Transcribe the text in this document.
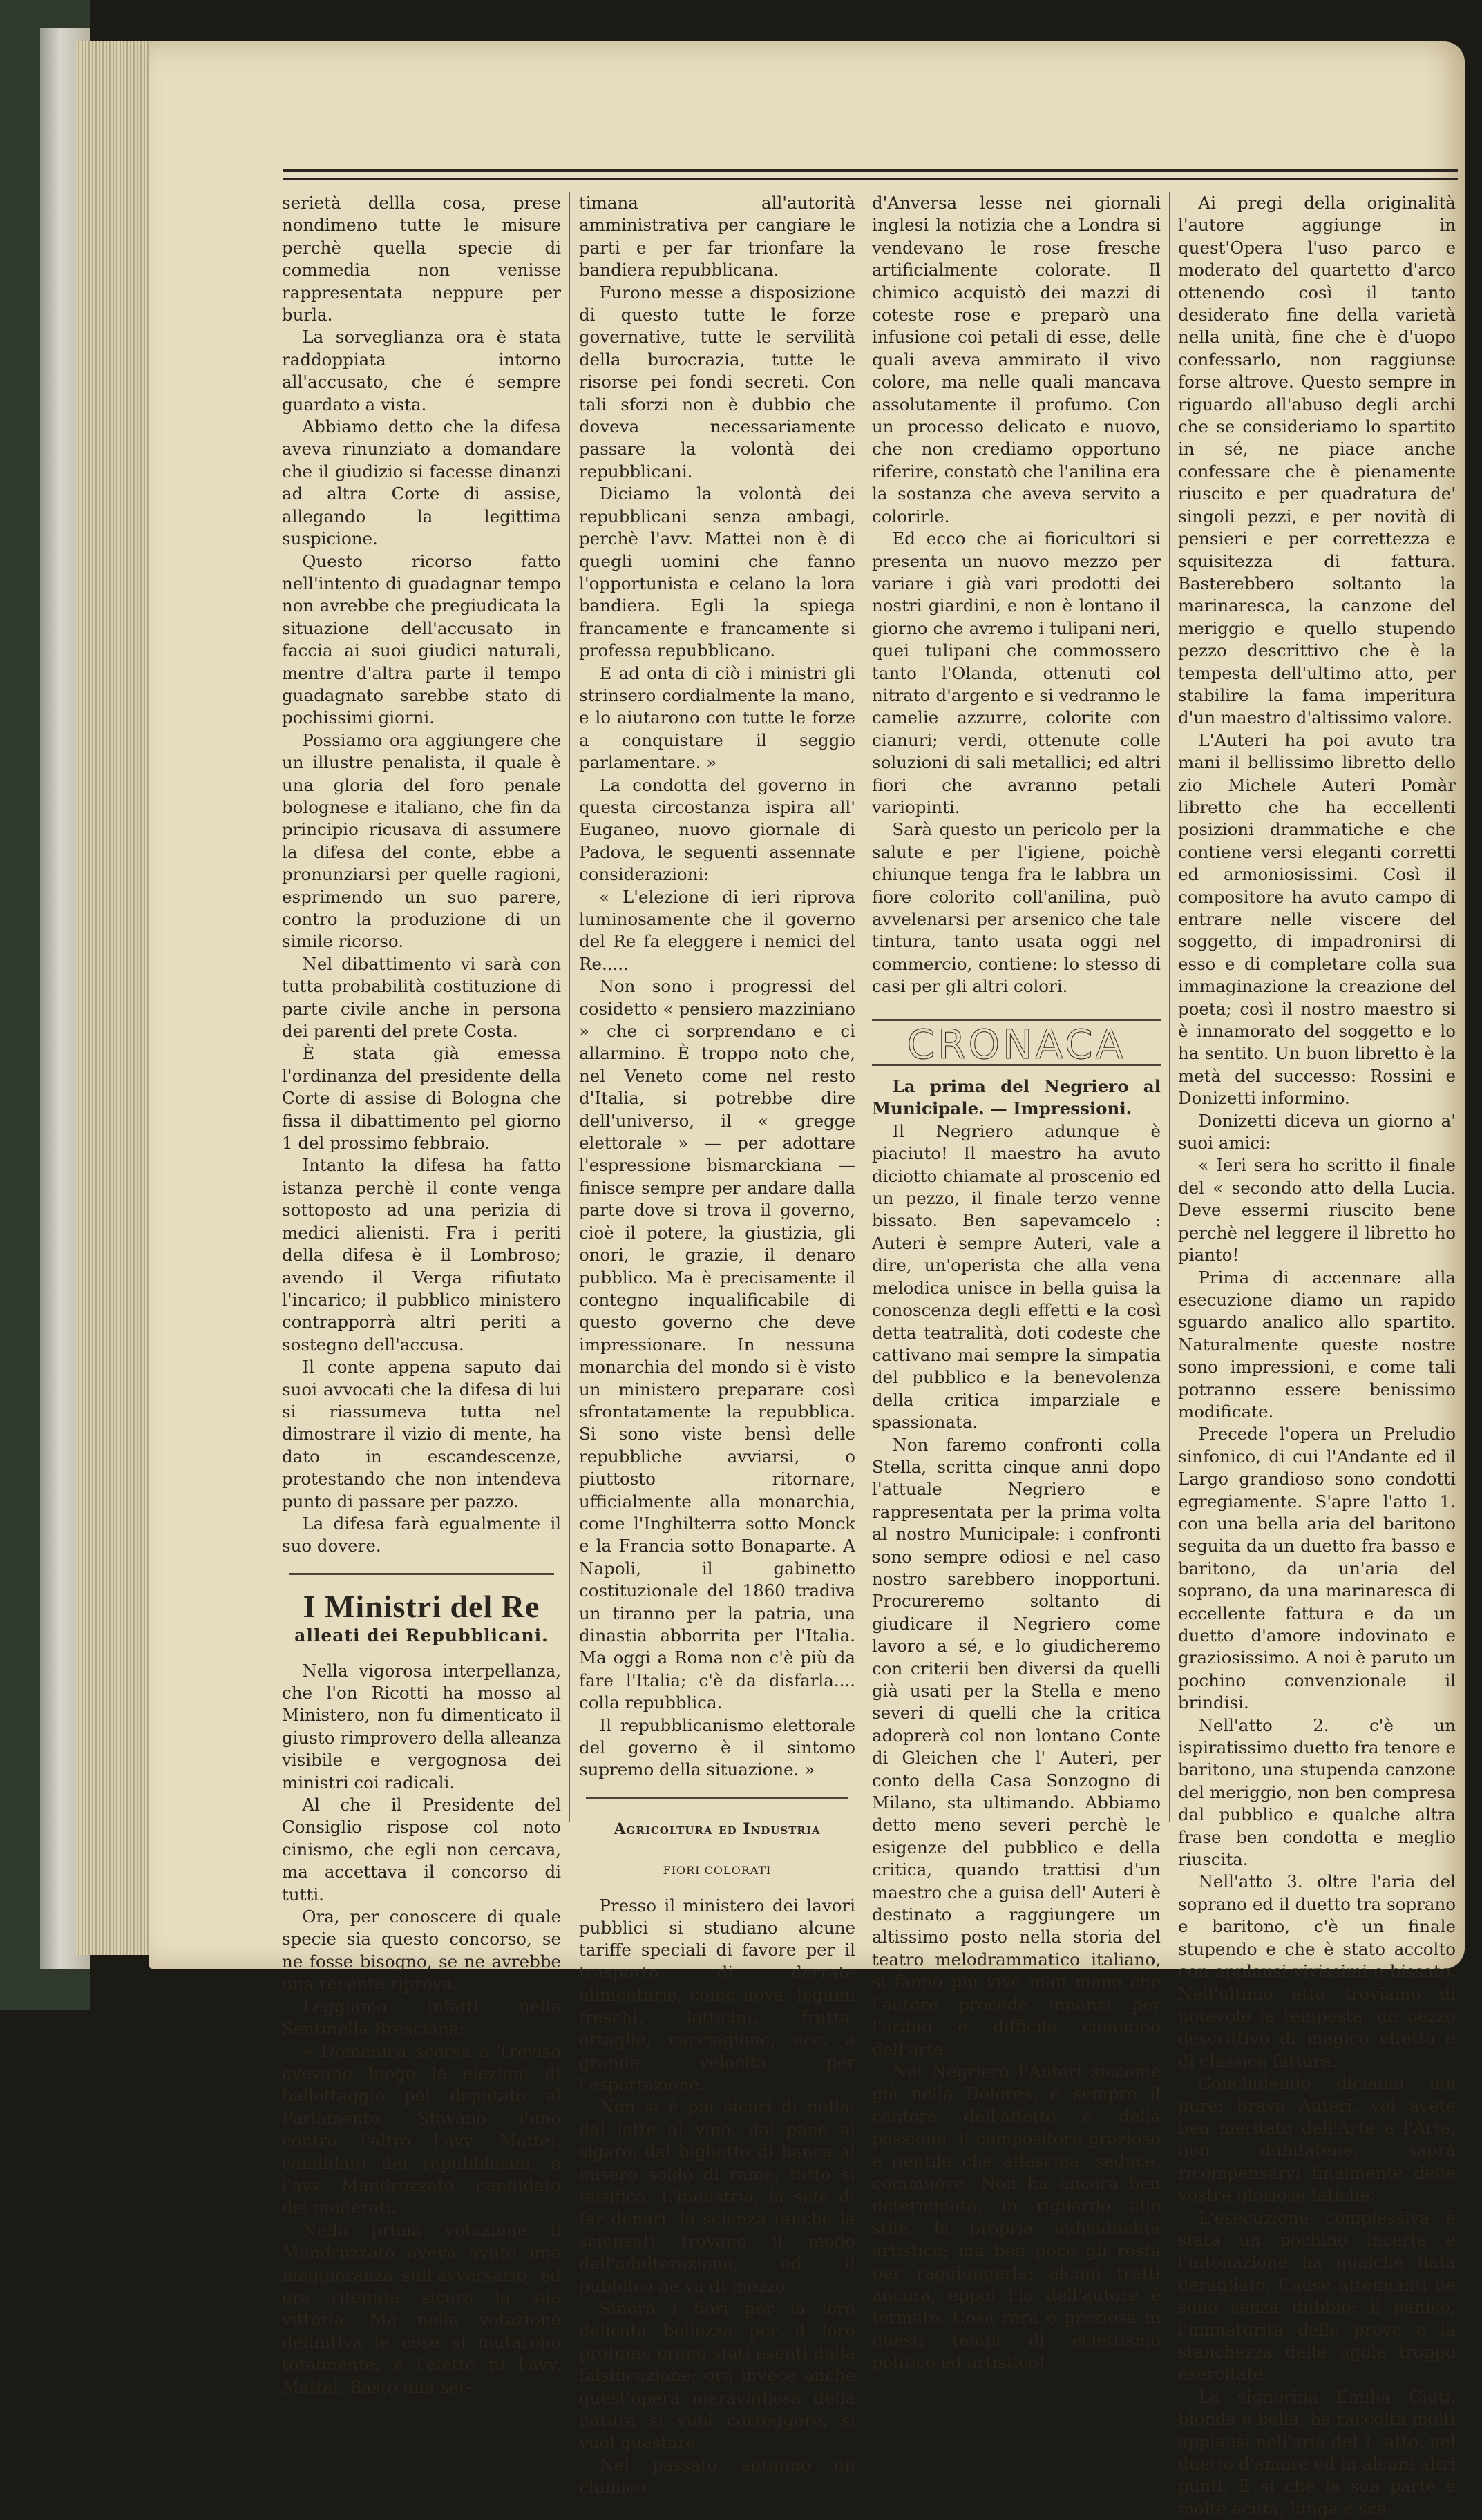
serietà dellla cosa, prese nondimeno tutte le misure perchè quella specie di commedia non venisse rappresentata neppure per burla.

La sorveglianza ora è stata raddoppiata intorno all'accusato, che é sempre guardato a vista.

Abbiamo detto che la difesa aveva rinunziato a domandare che il giudizio si facesse dinanzi ad altra Corte di assise, allegando la legittima suspicione.

Questo ricorso fatto nell'intento di guadagnar tempo non avrebbe che pregiudicata la situazione dell'accusato in faccia ai suoi giudici naturali, mentre d'altra parte il tempo guadagnato sarebbe stato di pochissimi giorni.

Possiamo ora aggiungere che un illustre penalista, il quale è una gloria del foro penale bolognese e italiano, che fin da principio ricusava di assumere la difesa del conte, ebbe a pronunziarsi per quelle ragioni, esprimendo un suo parere, contro la produzione di un simile ricorso.

Nel dibattimento vi sarà con tutta probabilità costituzione di parte civile anche in persona dei parenti del prete Costa.

È stata già emessa l'ordinanza del presidente della Corte di assise di Bologna che fissa il dibattimento pel giorno 1 del prossimo febbraio.

Intanto la difesa ha fatto istanza perchè il conte venga sottoposto ad una perizia di medici alienisti. Fra i periti della difesa è il Lombroso; avendo il Verga rifiutato l'incarico; il pubblico ministero contrapporrà altri periti a sostegno dell'accusa.

Il conte appena saputo dai suoi avvocati che la difesa di lui si riassumeva tutta nel dimostrare il vizio di mente, ha dato in escandescenze, protestando che non intendeva punto di passare per pazzo.

La difesa farà egualmente il suo dovere.

I Ministri del Re
alleati dei Repubblicani.

Nella vigorosa interpellanza, che l'on Ricotti ha mosso al Ministero, non fu dimenticato il giusto rimprovero della alleanza visibile e vergognosa dei ministri coi radicali.

Al che il Presidente del Consiglio rispose col noto cinismo, che egli non cercava, ma accettava il concorso di tutti.

Ora, per conoscere di quale specie sia questo concorso, se ne fosse bisogno, se ne avrebbe una recente riprova.

Leggiamo infatti nella Sentinella Bresciana:

« Domenica scorsa a Treviso avevano luogo le elezioni di ballottaggio pel deputato al Parlamento. Stavano l'uno contro l'altro l'avv. Mattei, candidato dei repubblicani, e l'avv. Mandruzzato, candidato dei moderati.

Nella prima votazione il Mandruzzato aveva avuto una maggioranza sull'avversario, ed era ritenuta sicura la sua vittoria. Ma nella votazione definitiva le cose si mutarono totalmente, e l'eletto fu l'avv. Mattei. Bastò una set-

timana all'autorità amministrativa per cangiare le parti e per far trionfare la bandiera repubblicana.

Furono messe a disposizione di questo tutte le forze governative, tutte le servilità della burocrazia, tutte le risorse pei fondi secreti. Con tali sforzi non è dubbio che doveva necessariamente passare la volontà dei repubblicani.

Diciamo la volontà dei repubblicani senza ambagi, perchè l'avv. Mattei non è di quegli uomini che fanno l'opportunista e celano la lora bandiera. Egli la spiega francamente e francamente si professa repubblicano.

E ad onta di ciò i ministri gli strinsero cordialmente la mano, e lo aiutarono con tutte le forze a conquistare il seggio parlamentare. »

La condotta del governo in questa circostanza ispira all' Euganeo, nuovo giornale di Padova, le seguenti assennate considerazioni:

« L'elezione di ieri riprova luminosamente che il governo del Re fa eleggere i nemici del Re.....

Non sono i progressi del cosidetto « pensiero mazziniano » che ci sorprendano e ci allarmino. È troppo noto che, nel Veneto come nel resto d'Italia, si potrebbe dire dell'universo, il « gregge elettorale » — per adottare l'espressione bismarckiana — finisce sempre per andare dalla parte dove si trova il governo, cioè il potere, la giustizia, gli onori, le grazie, il denaro pubblico. Ma è precisamente il contegno inqualificabile di questo governo che deve impressionare. In nessuna monarchia del mondo si è visto un ministero preparare così sfrontatamente la repubblica. Si sono viste bensì delle repubbliche avviarsi, o piuttosto ritornare, ufficialmente alla monarchia, come l'Inghilterra sotto Monck e la Francia sotto Bonaparte. A Napoli, il gabinetto costituzionale del 1860 tradiva un tiranno per la patria, una dinastia abborrita per l'Italia. Ma oggi a Roma non c'è più da fare l'Italia; c'è da disfarla.... colla repubblica.

Il repubblicanismo elettorale del governo è il sintomo supremo della situazione. »

Agricoltura ed Industria
FIORI COLORATI

Presso il ministero dei lavori pubblici si studiano alcune tariffe speciali di favore per il trasporto di derrate alimentarie, come uova, legumi freschi, latticini, frutta, ortaglie, cacciagione, ecc. a grande velocità per l'esportazione.

Non si è più sicuri di nulla: dal latte al vino, dal pane al sigaro, dal biglietto di banca al misero soldo di rame, tutto si falsifica. L'industria, la sete di far denari, la scienza (anche la scienza!) trovano il modo dell'adulterazione, ed il pubblico ne va di mezzo.

Sinora i fiori per la loro delicata bellezza per il loro profumo erano stati esenti dalla falsificazione; ora invece anche quest'opera meravigliosa della natura si vuol correggere, si vuol guastare.

Nel passato autunno un chimico

d'Anversa lesse nei giornali inglesi la notizia che a Londra si vendevano le rose fresche artificialmente colorate. Il chimico acquistò dei mazzi di coteste rose e preparò una infusione coi petali di esse, delle quali aveva ammirato il vivo colore, ma nelle quali mancava assolutamente il profumo. Con un processo delicato e nuovo, che non crediamo opportuno riferire, constatò che l'anilina era la sostanza che aveva servito a colorirle.

Ed ecco che ai fioricultori si presenta un nuovo mezzo per variare i già vari prodotti dei nostri giardini, e non è lontano il giorno che avremo i tulipani neri, quei tulipani che commossero tanto l'Olanda, ottenuti col nitrato d'argento e si vedranno le camelie azzurre, colorite con cianuri; verdi, ottenute colle soluzioni di sali metallici; ed altri fiori che avranno petali variopinti.

Sarà questo un pericolo per la salute e per l'igiene, poichè chiunque tenga fra le labbra un fiore colorito coll'anilina, può avvelenarsi per arsenico che tale tintura, tanto usata oggi nel commercio, contiene: lo stesso di casi per gli altri colori.

CRONACA

La prima del Negriero al Municipale. — Impressioni.

Il Negriero adunque è piaciuto! Il maestro ha avuto diciotto chiamate al proscenio ed un pezzo, il finale terzo venne bissato. Ben sapevamcelo : Auteri è sempre Auteri, vale a dire, un'operista che alla vena melodica unisce in bella guisa la conoscenza degli effetti e la così detta teatralità, doti codeste che cattivano mai sempre la simpatia del pubblico e la benevolenza della critica imparziale e spassionata.

Non faremo confronti colla Stella, scritta cinque anni dopo l'attuale Negriero e rappresentata per la prima volta al nostro Municipale: i confronti sono sempre odiosi e nel caso nostro sarebbero inopportuni. Procureremo soltanto di giudicare il Negriero come lavoro a sé, e lo giudicheremo con criterii ben diversi da quelli già usati per la Stella e meno severi di quelli che la critica adoprerà col non lontano Conte di Gleichen che l' Auteri, per conto della Casa Sonzogno di Milano, sta ultimando. Abbiamo detto meno severi perchè le esigenze del pubblico e della critica, quando trattisi d'un maestro che a guisa dell' Auteri è destinato a raggiungere un altissimo posto nella storia del teatro melodrammatico italiano, si fanno più vive man mano che l'autore procede innanzi per l'arduo e difficile cammino dell'arte.

Nel Negriero l'Auteri siccome già nella Dolores, è sempre il cantore dell'affetto e della passione, il compositore grazioso e gentile che affascina, seduce, commuove. Non ha ancora ben determinata, in riguardo allo stile, la propria individualità artistica; ma ben poco gli resta per raggiungerla; alcuni tratti ancora, eppoi l'io dell'autore è formato. Cosa rara e preziosa in questi tempi di eclettismo politico ed artistico!

Ai pregi della originalità l'autore aggiunge in quest'Opera l'uso parco e moderato del quartetto d'arco ottenendo così il tanto desiderato fine della varietà nella unità, fine che è d'uopo confessarlo, non raggiunse forse altrove. Questo sempre in riguardo all'abuso degli archi che se consideriamo lo spartito in sé, ne piace anche confessare che è pienamente riuscito e per quadratura de' singoli pezzi, e per novità di pensieri e per correttezza e squisitezza di fattura. Basterebbero soltanto la marinaresca, la canzone del meriggio e quello stupendo pezzo descrittivo che è la tempesta dell'ultimo atto, per stabilire la fama imperitura d'un maestro d'altissimo valore.

L'Auteri ha poi avuto tra mani il bellissimo libretto dello zio Michele Auteri Pomàr libretto che ha eccellenti posizioni drammatiche e che contiene versi eleganti corretti ed armoniosissimi. Così il compositore ha avuto campo di entrare nelle viscere del soggetto, di impadronirsi di esso e di completare colla sua immaginazione la creazione del poeta; così il nostro maestro si è innamorato del soggetto e lo ha sentito. Un buon libretto è la metà del successo: Rossini e Donizetti informino.

Donizetti diceva un giorno a' suoi amici:

« Ieri sera ho scritto il finale del « secondo atto della Lucia. Deve essermi riuscito bene perchè nel leggere il libretto ho pianto!

Prima di accennare alla esecuzione diamo un rapido sguardo analico allo spartito. Naturalmente queste nostre sono impressioni, e come tali potranno essere benissimo modificate.

Precede l'opera un Preludio sinfonico, di cui l'Andante ed il Largo grandioso sono condotti egregiamente. S'apre l'atto 1. con una bella aria del baritono seguita da un duetto fra basso e baritono, da un'aria del soprano, da una marinaresca di eccellente fattura e da un duetto d'amore indovinato e graziosissimo. A noi è paruto un pochino convenzionale il brindisi.

Nell'atto 2. c'è un ispiratissimo duetto fra tenore e baritono, una stupenda canzone del meriggio, non ben compresa dal pubblico e qualche altra frase ben condotta e meglio riuscita.

Nell'atto 3. oltre l'aria del soprano ed il duetto tra soprano e baritono, c'è un finale stupendo e che è stato accolto con applausi vivissimi e bissato. Nell'ultimo atto troviamo di notevole la tempesta, un pezzo descrittivo di magico effetto e di classica fattura.

Concludendo diciamo noi pure: bravo Auteri, voi avete ben meritato dell'Arte e l'Arte, non dubitatene, saprà ricompensarvi finalmente delle vostre gloriose fatiche.

L'esecuzione complessiva è stata un pochino incerta e l'intonazione ha qualche fiata deragliato. Cause attenuanti ne sono senza dubbio: il panico, l'immaturità delle prove e la stanchezza delle ugole troppo esercitate.

La signorina Emilia Ciuti, bionda e bella, ha raccolta molti applausi nell'aria del 1. atto, nel duetto d'amore ed in alcuni altri punti. E sì che la sua parte è molte acuta, lunga e sca-
